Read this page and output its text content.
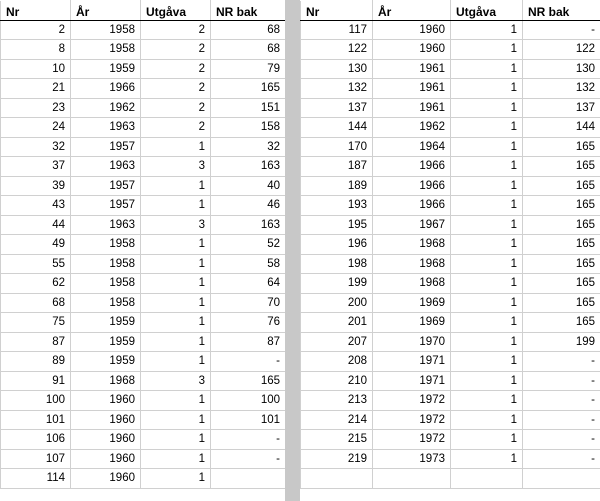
Nr	År	Utgåva	NR bak
2	1958	2	68
8	1958	2	68
10	1959	2	79
21	1966	2	165
23	1962	2	151
24	1963	2	158
32	1957	1	32
37	1963	3	163
39	1957	1	40
43	1957	1	46
44	1963	3	163
49	1958	1	52
55	1958	1	58
62	1958	1	64
68	1958	1	70
75	1959	1	76
87	1959	1	87
89	1959	1	-
91	1968	3	165
100	1960	1	100
101	1960	1	101
106	1960	1	-
107	1960	1	-
114	1960	1	
Nr	År	Utgåva	NR bak
117	1960	1	-
122	1960	1	122
130	1961	1	130
132	1961	1	132
137	1961	1	137
144	1962	1	144
170	1964	1	165
187	1966	1	165
189	1966	1	165
193	1966	1	165
195	1967	1	165
196	1968	1	165
198	1968	1	165
199	1968	1	165
200	1969	1	165
201	1969	1	165
207	1970	1	199
208	1971	1	-
210	1971	1	-
213	1972	1	-
214	1972	1	-
215	1972	1	-
219	1973	1	-
